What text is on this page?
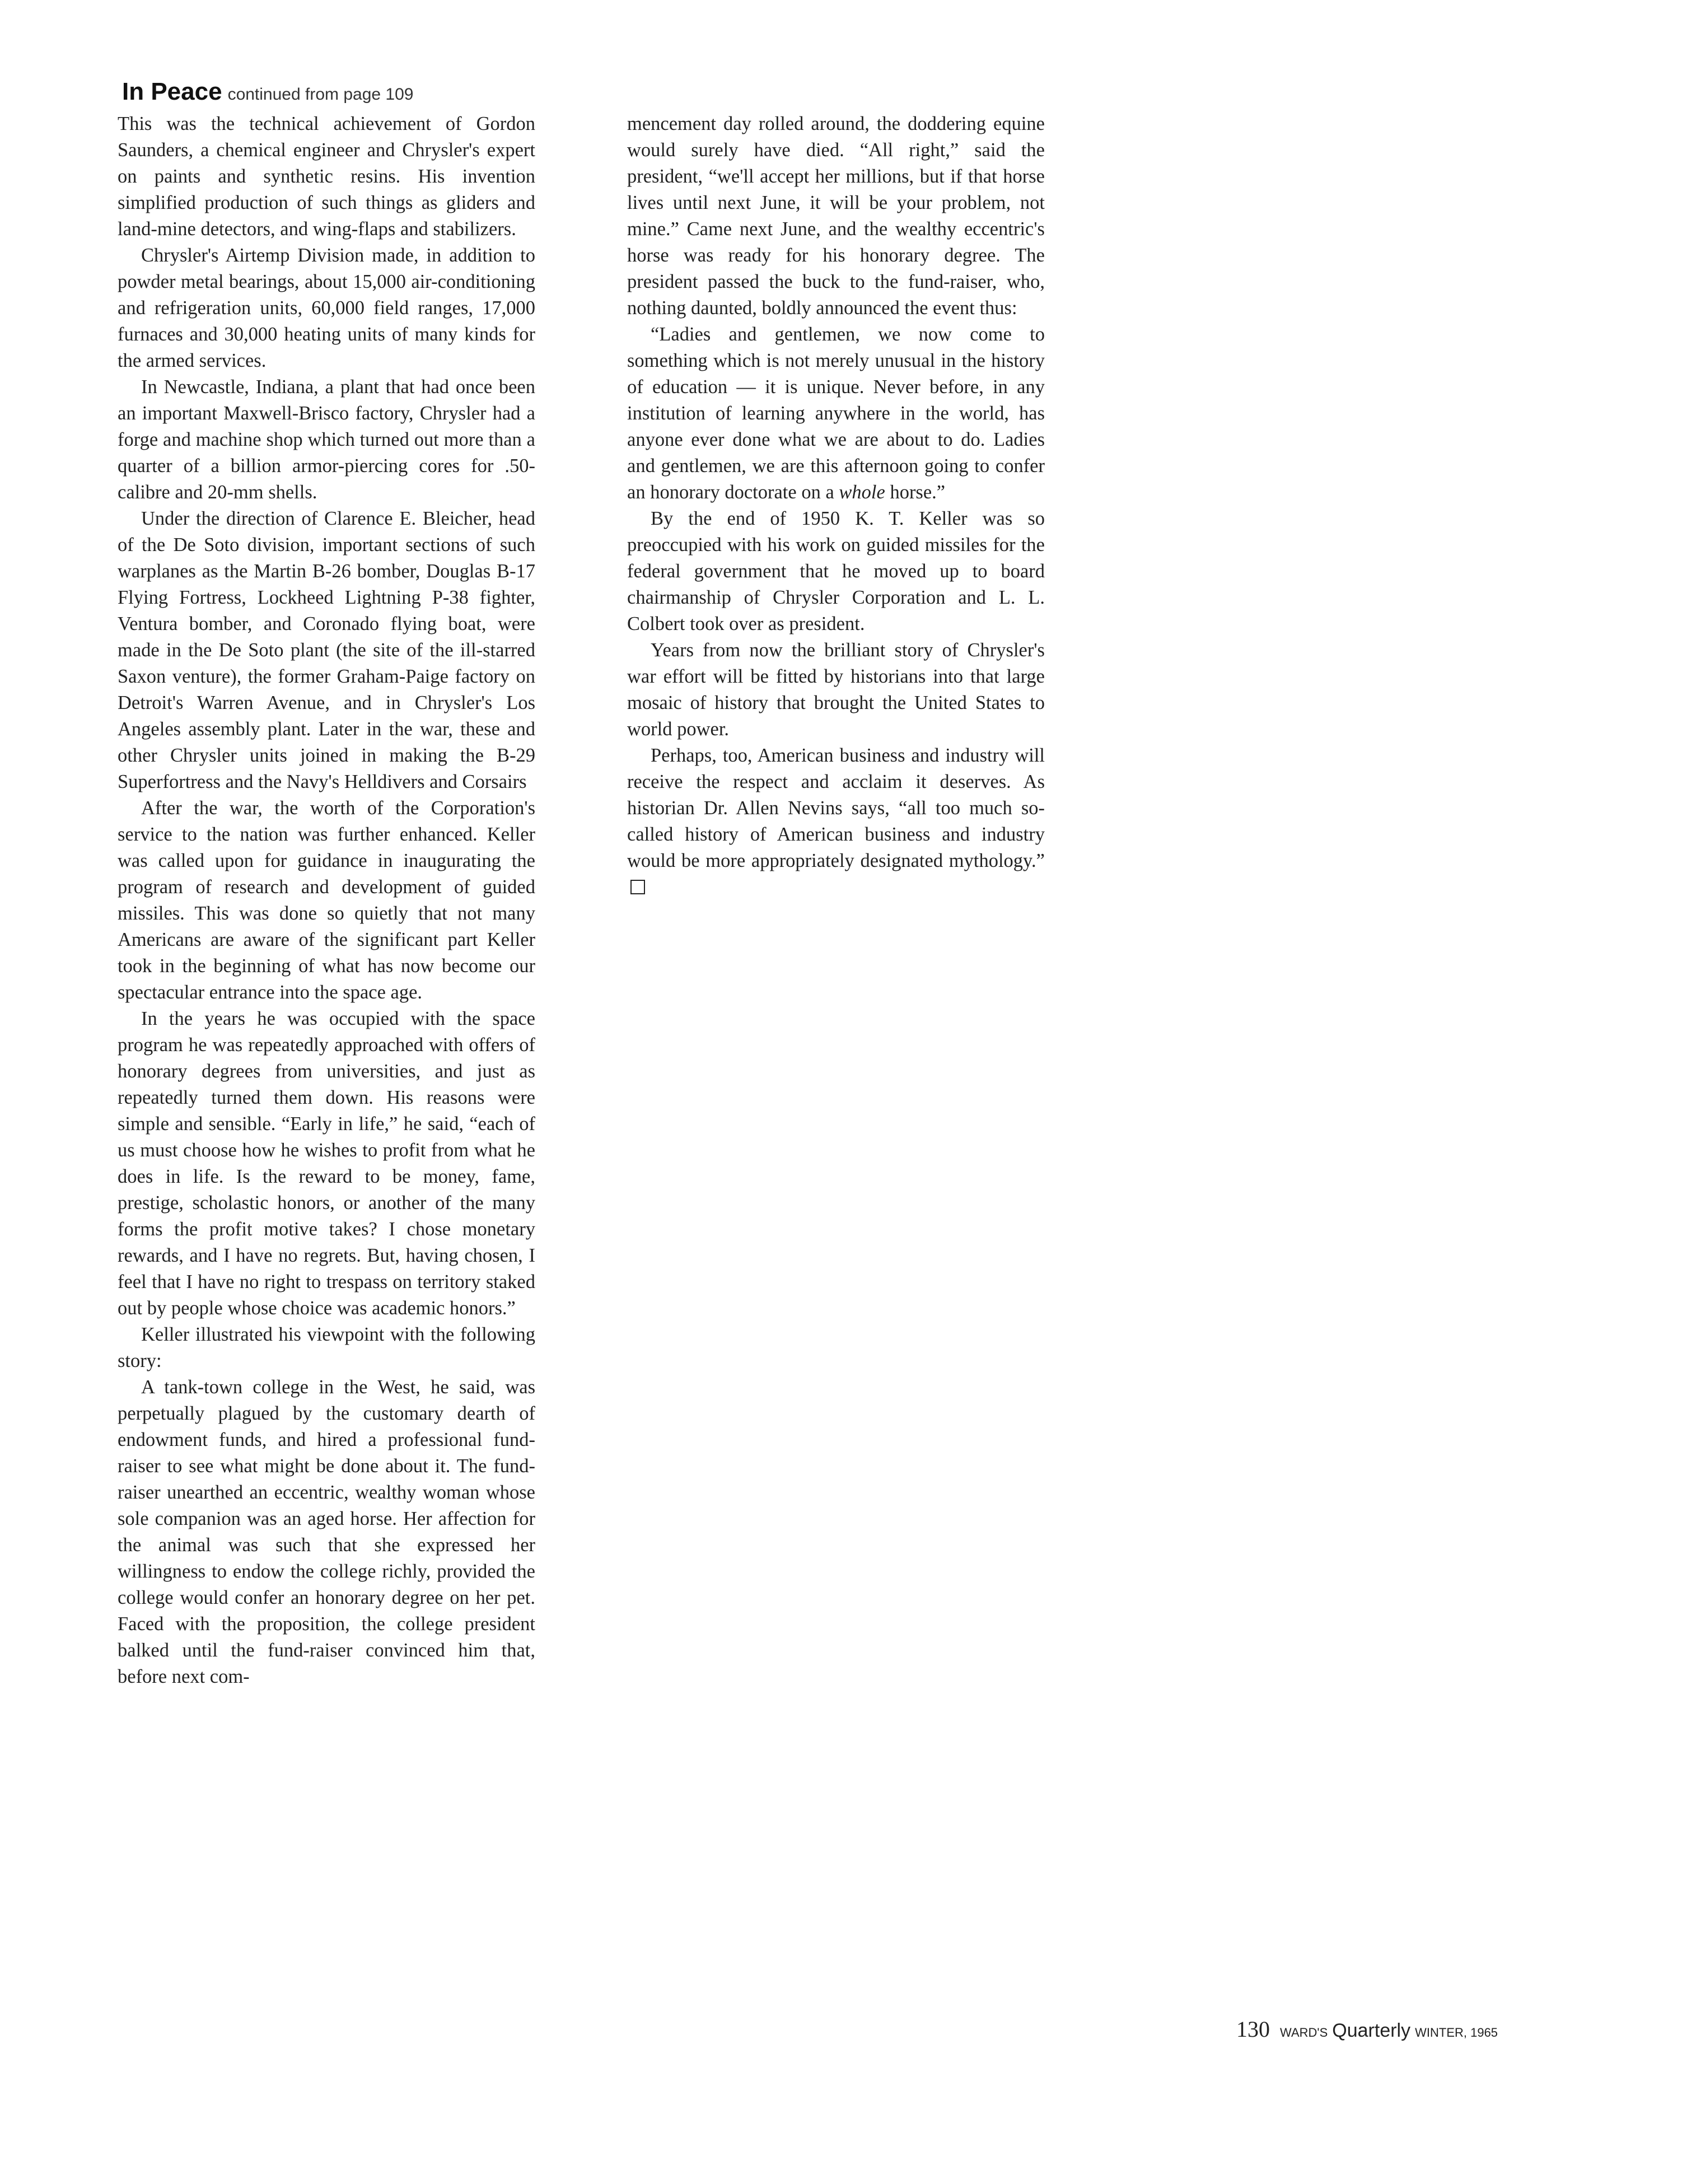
In Peace continued from page 109

This was the technical achievement of Gordon Saunders, a chemical engineer and Chrysler's expert on paints and synthetic resins. His invention simplified production of such things as gliders and land-mine detectors, and wing-flaps and stabilizers.

Chrysler's Airtemp Division made, in addition to powder metal bearings, about 15,000 air-conditioning and refrigeration units, 60,000 field ranges, 17,000 furnaces and 30,000 heating units of many kinds for the armed services.

In Newcastle, Indiana, a plant that had once been an important Maxwell-Brisco factory, Chrysler had a forge and machine shop which turned out more than a quarter of a billion armor-piercing cores for .50-calibre and 20-mm shells.

Under the direction of Clarence E. Bleicher, head of the De Soto division, important sections of such warplanes as the Martin B-26 bomber, Douglas B-17 Flying Fortress, Lockheed Lightning P-38 fighter, Ventura bomber, and Coronado flying boat, were made in the De Soto plant (the site of the ill-starred Saxon venture), the former Graham-Paige factory on Detroit's Warren Avenue, and in Chrysler's Los Angeles assembly plant. Later in the war, these and other Chrysler units joined in making the B-29 Superfortress and the Navy's Helldivers and Corsairs

After the war, the worth of the Corporation's service to the nation was further enhanced. Keller was called upon for guidance in inaugurating the program of research and development of guided missiles. This was done so quietly that not many Americans are aware of the significant part Keller took in the beginning of what has now become our spectacular entrance into the space age.

In the years he was occupied with the space program he was repeatedly approached with offers of honorary degrees from universities, and just as repeatedly turned them down. His reasons were simple and sensible. “Early in life,” he said, “each of us must choose how he wishes to profit from what he does in life. Is the reward to be money, fame, prestige, scholastic honors, or another of the many forms the profit motive takes? I chose monetary rewards, and I have no regrets. But, having chosen, I feel that I have no right to trespass on territory staked out by people whose choice was academic honors.”

Keller illustrated his viewpoint with the following story:

A tank-town college in the West, he said, was perpetually plagued by the customary dearth of endowment funds, and hired a professional fund-raiser to see what might be done about it. The fund-raiser unearthed an eccentric, wealthy woman whose sole companion was an aged horse. Her affection for the animal was such that she expressed her willingness to endow the college richly, provided the college would confer an honorary degree on her pet. Faced with the proposition, the college president balked until the fund-raiser convinced him that, before next com-

mencement day rolled around, the doddering equine would surely have died. “All right,” said the president, “we'll accept her millions, but if that horse lives until next June, it will be your problem, not mine.” Came next June, and the wealthy eccentric's horse was ready for his honorary degree. The president passed the buck to the fund-raiser, who, nothing daunted, boldly announced the event thus:

“Ladies and gentlemen, we now come to something which is not merely unusual in the history of education — it is unique. Never before, in any institution of learning anywhere in the world, has anyone ever done what we are about to do. Ladies and gentlemen, we are this afternoon going to confer an honorary doctorate on a whole horse.”

By the end of 1950 K. T. Keller was so preoccupied with his work on guided missiles for the federal government that he moved up to board chairmanship of Chrysler Corporation and L. L. Colbert took over as president.

Years from now the brilliant story of Chrysler's war effort will be fitted by historians into that large mosaic of history that brought the United States to world power.

Perhaps, too, American business and industry will receive the respect and acclaim it deserves. As historian Dr. Allen Nevins says, “all too much so-called history of American business and industry would be more appropriately designated mythology.”

130 WARD'S Quarterly WINTER, 1965
